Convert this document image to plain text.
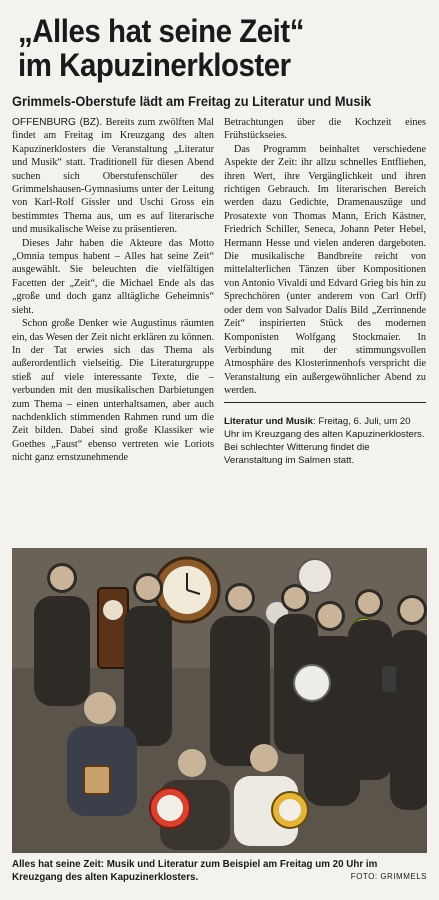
„Alles hat seine Zeit“
im Kapuzinerkloster
Grimmels-Oberstufe lädt am Freitag zu Literatur und Musik

OFFENBURG (BZ). Bereits zum zwölften Mal findet am Freitag im Kreuzgang des alten Kapuzinerklosters die Veranstaltung „Literatur und Musik“ statt. Traditionell für diesen Abend suchen sich Oberstufenschüler des Grimmelshausen-Gymnasiums unter der Leitung von Karl-Rolf Gissler und Uschi Gross ein bestimmtes Thema aus, um es auf literarische und musikalische Weise zu präsentieren.

Dieses Jahr haben die Akteure das Motto „Omnia tempus habent – Alles hat seine Zeit“ ausgewählt. Sie beleuchten die vielfältigen Facetten der „Zeit“, die Michael Ende als das „große und doch ganz alltägliche Geheimnis“ sieht.

Schon große Denker wie Augustinus räumten ein, das Wesen der Zeit nicht erklären zu können. In der Tat erwies sich das Thema als außerordentlich vielseitig. Die Literaturgruppe stieß auf viele interessante Texte, die – verbunden mit den musikalischen Darbietungen zum Thema – einen unterhaltsamen, aber auch nachdenklich stimmenden Rahmen rund um die Zeit bilden. Dabei sind große Klassiker wie Goethes „Faust“ ebenso vertreten wie Loriots nicht ganz ernstzunehmende

Betrachtungen über die Kochzeit eines Frühstückseies.

Das Programm beinhaltet verschiedene Aspekte der Zeit: ihr allzu schnelles Entfliehen, ihren Wert, ihre Vergänglichkeit und ihren richtigen Gebrauch. Im literarischen Bereich werden dazu Gedichte, Dramenauszüge und Prosatexte von Thomas Mann, Erich Kästner, Friedrich Schiller, Seneca, Johann Peter Hebel, Hermann Hesse und vielen anderen dargeboten. Die musikalische Bandbreite reicht von mittelalterlichen Tänzen über Kompositionen von Antonio Vivaldi und Edvard Grieg bis hin zu Sprechchören (unter anderem von Carl Orff) oder dem von Salvador Dalís Bild „Zerrinnende Zeit“ inspirierten Stück des modernen Komponisten Wolfgang Stockmaier. In Verbindung mit der stimmungsvollen Atmosphäre des Klosterinnenhofs verspricht die Veranstaltung ein außergewöhnlicher Abend zu werden.

Literatur und Musik: Freitag, 6. Juli, um 20 Uhr im Kreuzgang des alten Kapuzinerklosters. Bei schlechter Witterung findet die Veranstaltung im Salmen statt.
Alles hat seine Zeit: Musik und Literatur zum Beispiel am Freitag um 20 Uhr im Kreuzgang des alten Kapuzinerklosters.	FOTO: GRIMMELS
